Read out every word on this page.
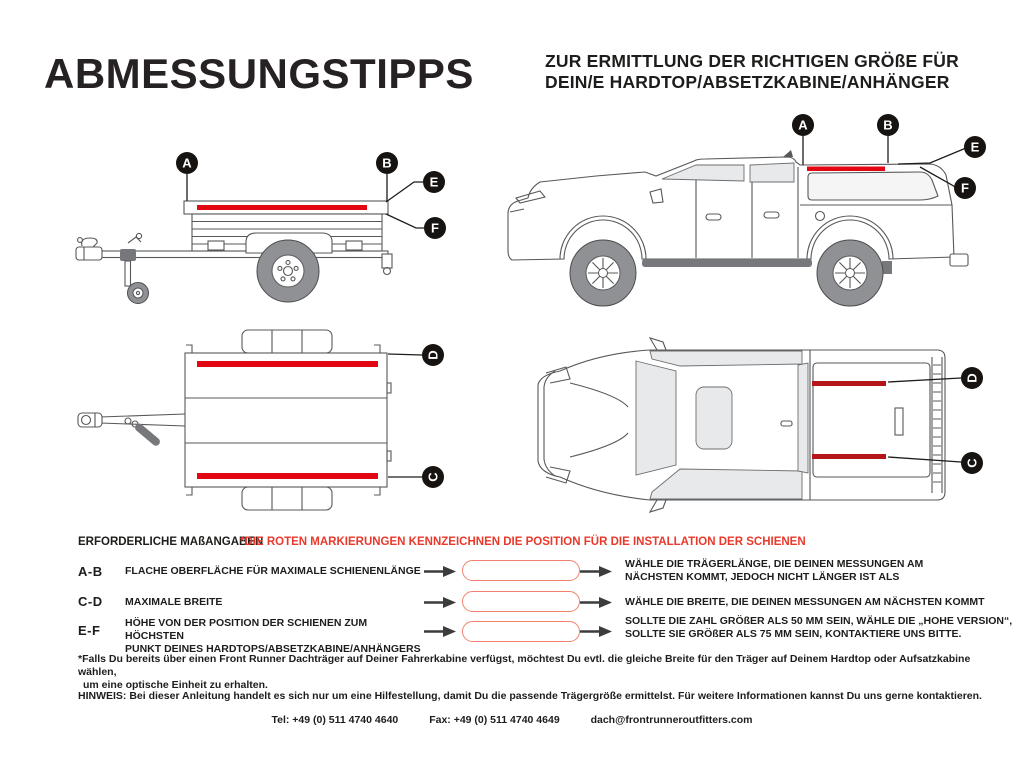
ABMESSUNGSTIPPS	ZUR ERMITTLUNG DER RICHTIGEN GRÖßE FÜR
DEIN/E HARDTOP/ABSETZKABINE/ANHÄNGER
A	B
E
F
A	B
E
F
D
C
D
C
ERFORDERLICHE MAßANGABEN
*DIE ROTEN MARKIERUNGEN KENNZEICHNEN DIE POSITION FÜR DIE INSTALLATION DER SCHIENEN
A-B FLACHE OBERFLÄCHE FÜR MAXIMALE SCHIENENLÄNGE
WÄHLE DIE TRÄGERLÄNGE, DIE DEINEN MESSUNGEN AM
NÄCHSTEN KOMMT, JEDOCH NICHT LÄNGER IST ALS
C-D MAXIMALE BREITE	WÄHLE DIE BREITE, DIE DEINEN MESSUNGEN AM NÄCHSTEN KOMMT
E-F HÖHE VON DER POSITION DER SCHIENEN ZUM HÖCHSTEN
PUNKT DEINES HARDTOPS/ABSETZKABINE/ANHÄNGERS
SOLLTE DIE ZAHL GRÖßER ALS 50 MM SEIN, WÄHLE DIE „HOHE VERSION“,
SOLLTE SIE GRÖßER ALS 75 MM SEIN, KONTAKTIERE UNS BITTE.
*Falls Du bereits über einen Front Runner Dachträger auf Deiner Fahrerkabine verfügst, möchtest Du evtl. die gleiche Breite für den Träger auf Deinem Hardtop oder Aufsatzkabine wählen,
um eine optische Einheit zu erhalten.
HINWEIS: Bei dieser Anleitung handelt es sich nur um eine Hilfestellung, damit Du die passende Trägergröße ermittelst. Für weitere Informationen kannst Du uns gerne kontaktieren.
Tel: +49 (0) 511 4740 4640	Fax: +49 (0) 511 4740 4649	dach@frontrunneroutfitters.com
